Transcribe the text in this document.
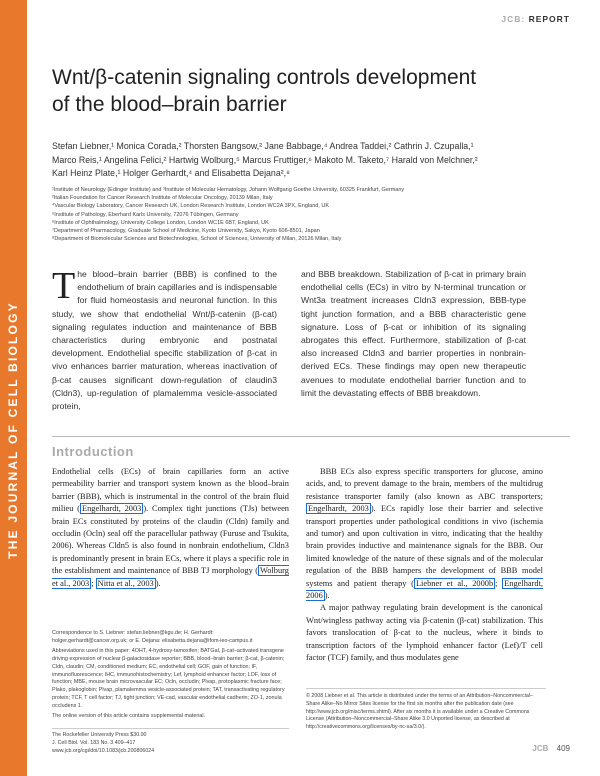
THE JOURNAL OF CELL BIOLOGY
JCB: REPORT
Wnt/β-catenin signaling controls development of the blood–brain barrier
Stefan Liebner,¹ Monica Corada,² Thorsten Bangsow,² Jane Babbage,⁴ Andrea Taddei,² Cathrin J. Czupalla,¹
Marco Reis,¹ Angelina Felici,² Hartwig Wolburg,⁵ Marcus Fruttiger,⁶ Makoto M. Taketo,⁷ Harald von Melchner,²
Karl Heinz Plate,¹ Holger Gerhardt,⁴ and Elisabetta Dejana²,⁸
¹Institute of Neurology (Edinger Institute) and ³Institute of Molecular Hematology, Johann Wolfgang Goethe University, 60325 Frankfurt, Germany
²Italian Foundation for Cancer Research Institute of Molecular Oncology, 20139 Milan, Italy
⁴Vascular Biology Laboratory, Cancer Research UK, London Research Institute, London WC2A 3PX, England, UK
⁵Institute of Pathology, Eberhard Karls University, 72076 Tübingen, Germany
⁶Institute of Ophthalmology, University College London, London WC1E 6BT, England, UK
⁷Department of Pharmacology, Graduate School of Medicine, Kyoto University, Sakyo, Kyoto 606-8501, Japan
⁸Department of Biomolecular Sciences and Biotechnologies, School of Sciences, University of Milan, 20126 Milan, Italy
The blood–brain barrier (BBB) is confined to the endothelium of brain capillaries and is indispensable for fluid homeostasis and neuronal function. In this study, we show that endothelial Wnt/β-catenin (β-cat) signaling regulates induction and maintenance of BBB characteristics during embryonic and postnatal development. Endothelial specific stabilization of β-cat in vivo enhances barrier maturation, whereas inactivation of β-cat causes significant down-regulation of claudin3 (Cldn3), up-regulation of plamalemma vesicle-associated protein,
and BBB breakdown. Stabilization of β-cat in primary brain endothelial cells (ECs) in vitro by N-terminal truncation or Wnt3a treatment increases Cldn3 expression, BBB-type tight junction formation, and a BBB characteristic gene signature. Loss of β-cat or inhibition of its signaling abrogates this effect. Furthermore, stabilization of β-cat also increased Cldn3 and barrier properties in nonbrain-derived ECs. These findings may open new therapeutic avenues to modulate endothelial barrier function and to limit the devastating effects of BBB breakdown.
Introduction

Endothelial cells (ECs) of brain capillaries form an active permeability barrier and transport system known as the blood–brain barrier (BBB), which is instrumental in the control of the brain fluid milieu ( Engelhardt, 2003 ). Complex tight junctions (TJs) between brain ECs constituted by proteins of the claudin (Cldn) family and occludin (Ocln) seal off the paracellular pathway (Furuse and Tsukita, 2006). Whereas Cldn5 is also found in nonbrain endothelium, Cldn3 is predominantly present in brain ECs, where it plays a specific role in the establishment and maintenance of BBB TJ morphology ( Wolburg et al., 2003 ; Nitta et al., 2003 ).

BBB ECs also express specific transporters for glucose, amino acids, and, to prevent damage to the brain, members of the multidrug resistance transporter family (also known as ABC transporters; Engelhardt, 2003 ). ECs rapidly lose their barrier and selective transport properties under pathological conditions in vivo (ischemia and tumor) and upon cultivation in vitro, indicating that the healthy brain provides inductive and maintenance signals for the BBB. Our limited knowledge of the nature of these signals and of the molecular regulation of the BBB hampers the development of BBB model systems and patient therapy ( Liebner et al., 2000b ; Engelhardt, 2006 ).

A major pathway regulating brain development is the canonical Wnt/wingless pathway acting via β-catenin (β-cat) stabilization. This favors translocation of β-cat to the nucleus, where it binds to transcription factors of the lymphoid enhancer factor (Lef)/T cell factor (TCF) family, and thus modulates gene

Correspondence to S. Liebner: stefan.liebner@kgu.de; H. Gerhardt: holger.gerhardt@cancer.org.uk; or E. Dejana: elisabetta.dejana@ifom-ieo-campus.it
Abbreviations used in this paper: 4OHT, 4-hydroxy-tamoxifen; BATGal, β-cat–activated transgene driving expression of nuclear β-galactosidase reporter; BBB, blood–brain barrier; β-cat, β-catenin; Cldn, claudin; CM, conditioned medium; EC, endothelial cell; GOF, gain of function; IF, immunofluorescence; IHC, immunohistochemistry; Lef, lymphoid enhancer factor; LOF, loss of function; MBE, mouse brain microvascular EC; Ocln, occludin; Plvap, protoplasmic fracture face; Plako, plakoglobin; Plvap, plamalemma vesicle-associated protein; TAT, transactivating regulatory protein; TCF, T cell factor; TJ, tight junction; VE-cad, vascular endothelial cadherin; ZO-1, zonula occludens 1.
The online version of this article contains supplemental material.
© 2008 Liebner et al. This article is distributed under the terms of an Attribution–Noncommercial–Share Alike–No Mirror Sites license for the first six months after the publication date (see http://www.jcb.org/misc/terms.shtml). After six months it is available under a Creative Commons License (Attribution–Noncommercial–Share Alike 3.0 Unported license, as described at http://creativecommons.org/licenses/by-nc-sa/3.0/).
The Rockefeller University Press $30.00
J. Cell Biol. Vol. 183 No. 3 409–417
www.jcb.org/cgi/doi/10.1083/jcb.200806024	JCB 409
